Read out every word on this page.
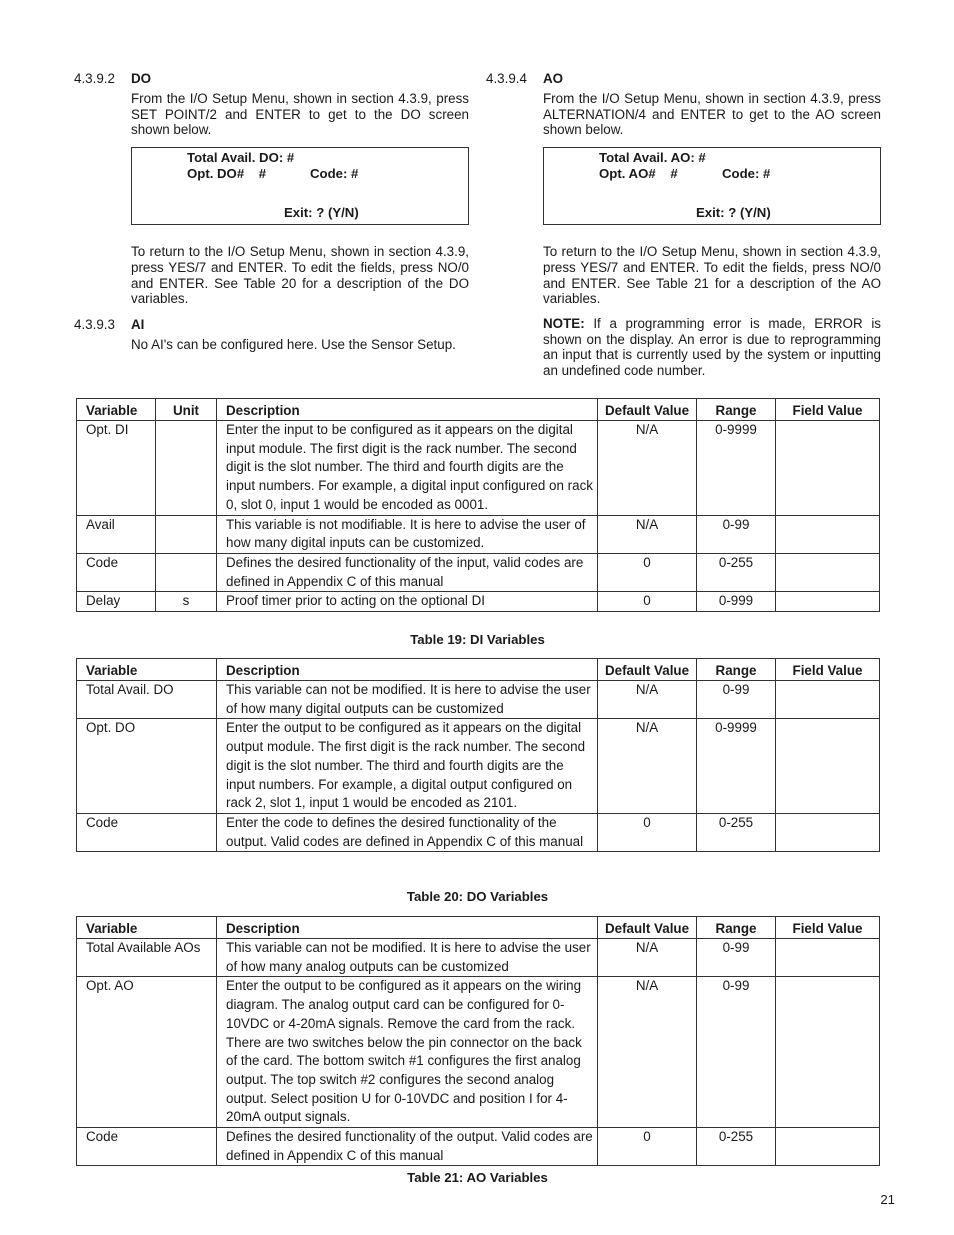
4.3.9.2	DO
From the I/O Setup Menu, shown in section 4.3.9, press SET POINT/2 and ENTER to get to the DO screen shown below.
Total Avail. DO: #
Opt. DO#    #	Code: #
Exit: ? (Y/N)
To return to the I/O Setup Menu, shown in section 4.3.9, press YES/7 and ENTER. To edit the fields, press NO/0 and ENTER. See Table 20 for a description of the DO variables.
4.3.9.3	AI
No AI's can be configured here. Use the Sensor Setup.
4.3.9.4	AO
From the I/O Setup Menu, shown in section 4.3.9, press ALTERNATION/4 and ENTER to get to the AO screen shown below.
Total Avail. AO: #
Opt. AO#    #	Code: #
Exit: ? (Y/N)
To return to the I/O Setup Menu, shown in section 4.3.9, press YES/7 and ENTER. To edit the fields, press NO/0 and ENTER. See Table 21 for a description of the AO variables.
NOTE: If a programming error is made, ERROR is shown on the display. An error is due to reprogramming an input that is currently used by the system or inputting an undefined code number.
Variable	Unit	Description	Default Value	Range	Field Value
Opt. DI		Enter the input to be configured as it appears on the digital input module. The first digit is the rack number. The second digit is the slot number. The third and fourth digits are the input numbers. For example, a digital input configured on rack 0, slot 0, input 1 would be encoded as 0001.	N/A	0-9999	
Avail		This variable is not modifiable. It is here to advise the user of how many digital inputs can be customized.	N/A	0-99	
Code		Defines the desired functionality of the input, valid codes are defined in Appendix C of this manual	0	0-255	
Delay	s	Proof timer prior to acting on the optional DI	0	0-999	
Table 19: DI Variables
Variable	Description	Default Value	Range	Field Value
Total Avail. DO	This variable can not be modified. It is here to advise the user of how many digital outputs can be customized	N/A	0-99	
Opt. DO	Enter the output to be configured as it appears on the digital output module. The first digit is the rack number. The second digit is the slot number. The third and fourth digits are the input numbers. For example, a digital output configured on rack 2, slot 1, input 1 would be encoded as 2101.	N/A	0-9999	
Code	Enter the code to defines the desired functionality of the output. Valid codes are defined in Appendix C of this manual	0	0-255	
Table 20: DO Variables
Variable	Description	Default Value	Range	Field Value
Total Available AOs	This variable can not be modified. It is here to advise the user of how many analog outputs can be customized	N/A	0-99	
Opt. AO	Enter the output to be configured as it appears on the wiring diagram. The analog output card can be configured for 0-10VDC or 4-20mA signals. Remove the card from the rack. There are two switches below the pin connector on the back of the card. The bottom switch #1 configures the first analog output. The top switch #2 configures the second analog output. Select position U for 0-10VDC and position I for 4-20mA output signals.	N/A	0-99	
Code	Defines the desired functionality of the output. Valid codes are defined in Appendix C of this manual	0	0-255	
Table 21: AO Variables
21
